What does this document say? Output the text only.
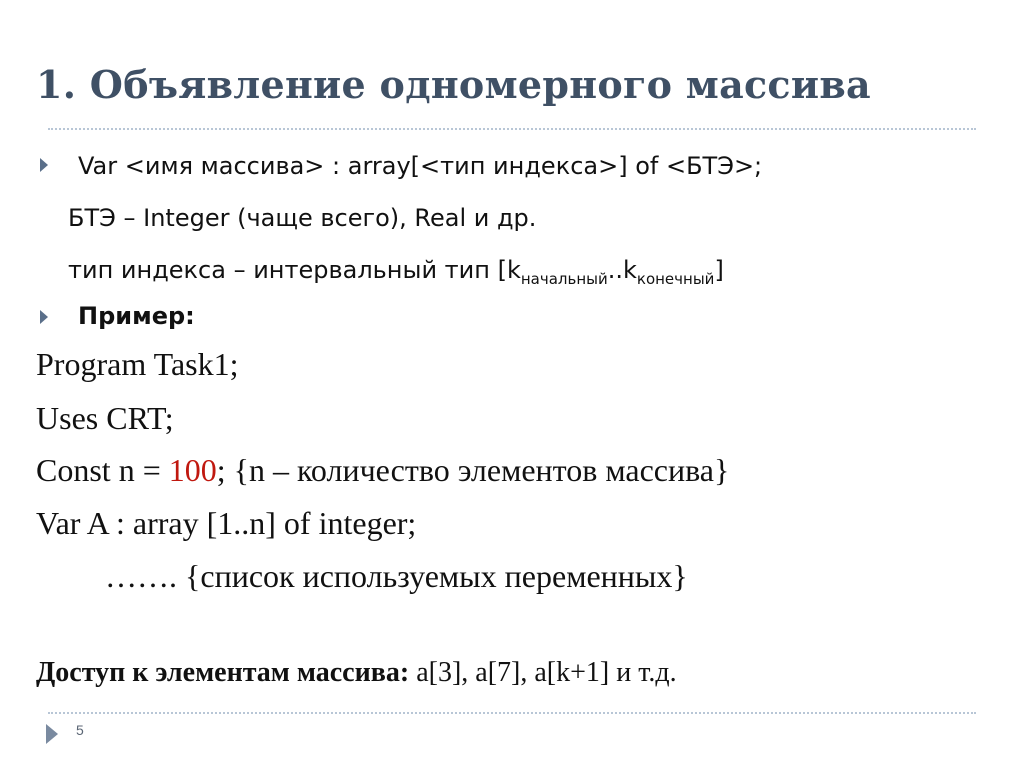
1. Объявление одномерного массива
Var <имя массива> : array[<тип индекса>] of <БТЭ>;
БТЭ – Integer (чаще всего), Real и др.
тип индекса – интервальный тип $[k_{начальный}..k_{конечный}]$
Пример:
Program Task1;
Uses CRT;
Const n = 100; {n – количество элементов массива}
Var A : array [1..n] of integer;
……. {список используемых переменных}
Доступ к элементам массива: a[3], a[7], a[k+1] и т.д.
5
